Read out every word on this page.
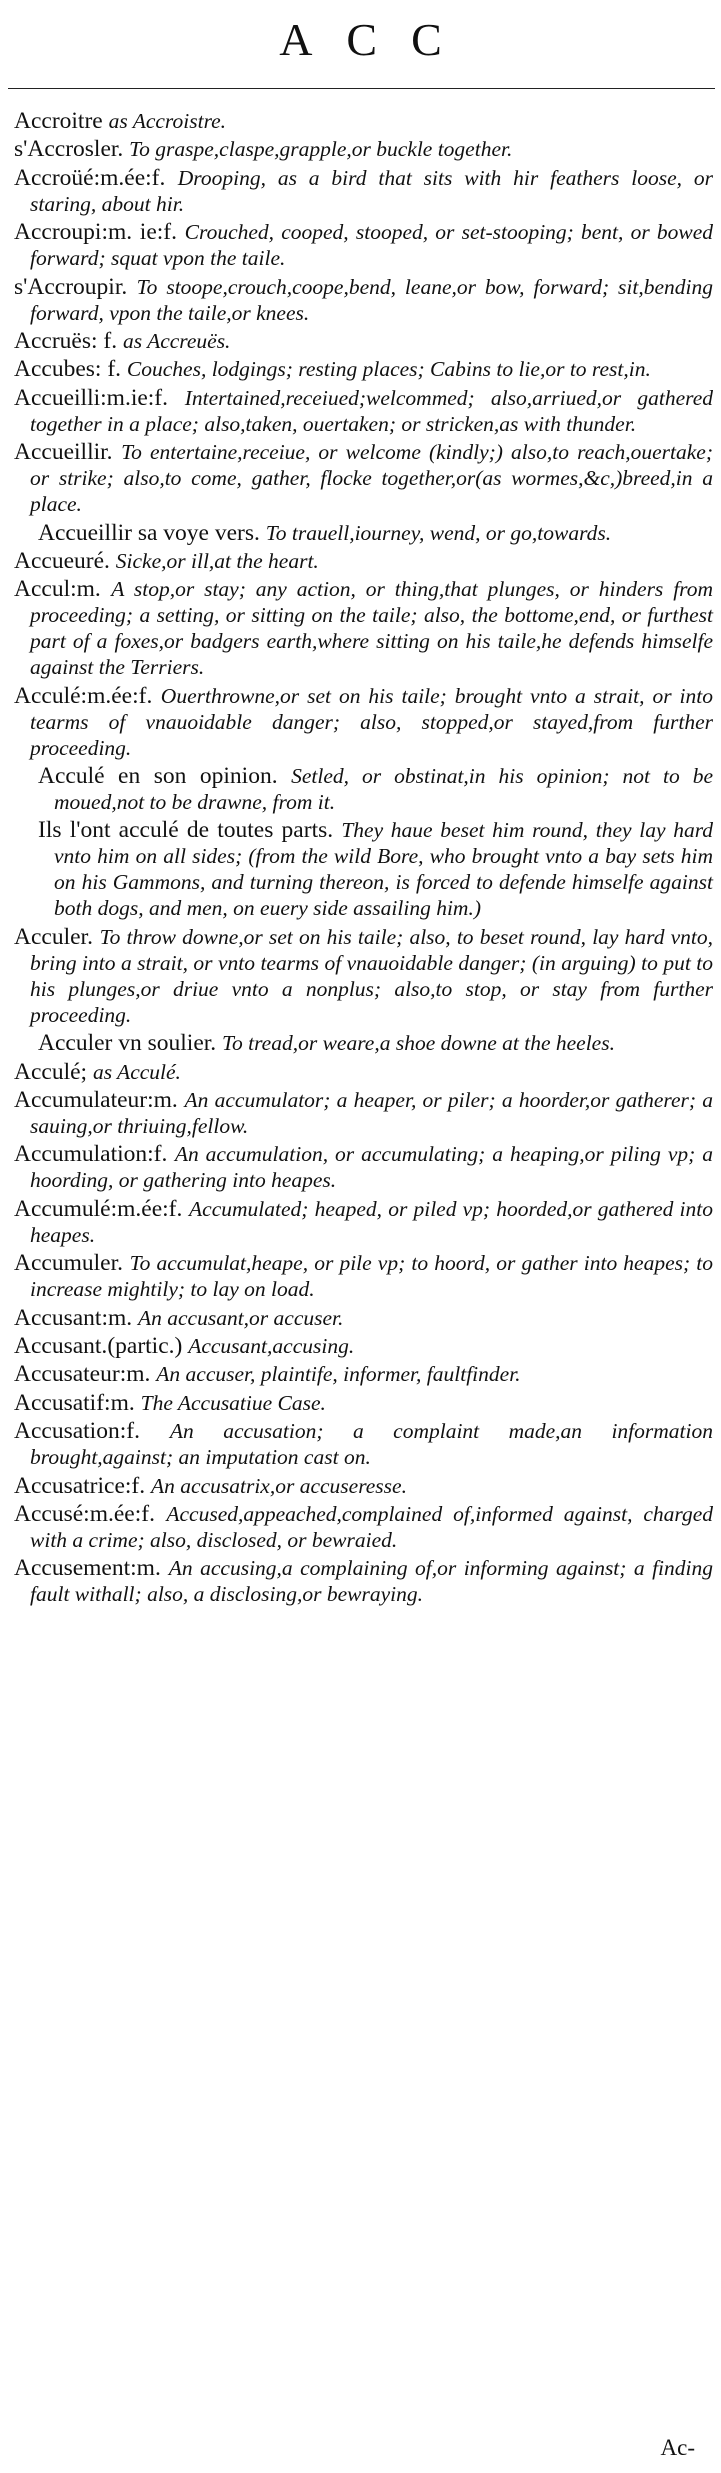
ACC
Accroitre as Accroistre.
s'Accrosler. To graspe,claspe,grapple,or buckle together.
Accroüé:m.ée:f. Drooping, as a bird that sits with hir feathers loose, or staring, about hir.
Accroupi:m. ie:f. Crouched, cooped, stooped, or set-stooping; bent, or bowed forward; squat vpon the taile.
s'Accroupir. To stoope,crouch,coope,bend, leane,or bow, forward; sit,bending forward, vpon the taile,or knees.
Accruës: f. as Accreuës.
Accubes: f. Couches, lodgings; resting places; Cabins to lie,or to rest,in.
Accueilli:m.ie:f. Intertained,receiued;welcommed; also,arriued,or gathered together in a place; also,taken, ouertaken; or stricken,as with thunder.
Accueillir. To entertaine,receiue, or welcome (kindly;) also,to reach,ouertake; or strike; also,to come, gather, flocke together,or(as wormes,&c,)breed,in a place.
Accueillir sa voye vers. To trauell,iourney, wend, or go,towards.
Accueuré. Sicke,or ill,at the heart.
Accul:m. A stop,or stay; any action, or thing,that plunges, or hinders from proceeding; a setting, or sitting on the taile; also, the bottome,end, or furthest part of a foxes,or badgers earth,where sitting on his taile,he defends himselfe against the Terriers.
Acculé:m.ée:f. Ouerthrowne,or set on his taile; brought vnto a strait, or into tearms of vnauoidable danger; also, stopped,or stayed,from further proceeding.
Acculé en son opinion. Setled, or obstinat,in his opinion; not to be moued,not to be drawne, from it.
Ils l'ont acculé de toutes parts. They haue beset him round, they lay hard vnto him on all sides; (from the wild Bore, who brought vnto a bay sets him on his Gammons, and turning thereon, is forced to defende himselfe against both dogs, and men, on euery side assailing him.)
Acculer. To throw downe,or set on his taile; also, to beset round, lay hard vnto, bring into a strait, or vnto tearms of vnauoidable danger; (in arguing) to put to his plunges,or driue vnto a nonplus; also,to stop, or stay from further proceeding.
Acculer vn soulier. To tread,or weare,a shoe downe at the heeles.
Acculé; as Acculé.
Accumulateur:m. An accumulator; a heaper, or piler; a hoorder,or gatherer; a sauing,or thriuing,fellow.
Accumulation:f. An accumulation, or accumulating; a heaping,or piling vp; a hoording, or gathering into heapes.
Accumulé:m.ée:f. Accumulated; heaped, or piled vp; hoorded,or gathered into heapes.
Accumuler. To accumulat,heape, or pile vp; to hoord, or gather into heapes; to increase mightily; to lay on load.
Accusant:m. An accusant,or accuser.
Accusant.(partic.) Accusant,accusing.
Accusateur:m. An accuser, plaintife, informer, faultfinder.
Accusatif:m. The Accusatiue Case.
Accusation:f. An accusation; a complaint made,an information brought,against; an imputation cast on.
Accusatrice:f. An accusatrix,or accuseresse.
Accusé:m.ée:f. Accused,appeached,complained of,informed against, charged with a crime; also, disclosed, or bewraied.
Accusement:m. An accusing,a complaining of,or informing against; a finding fault withall; also, a disclosing,or bewraying.
Ac-
